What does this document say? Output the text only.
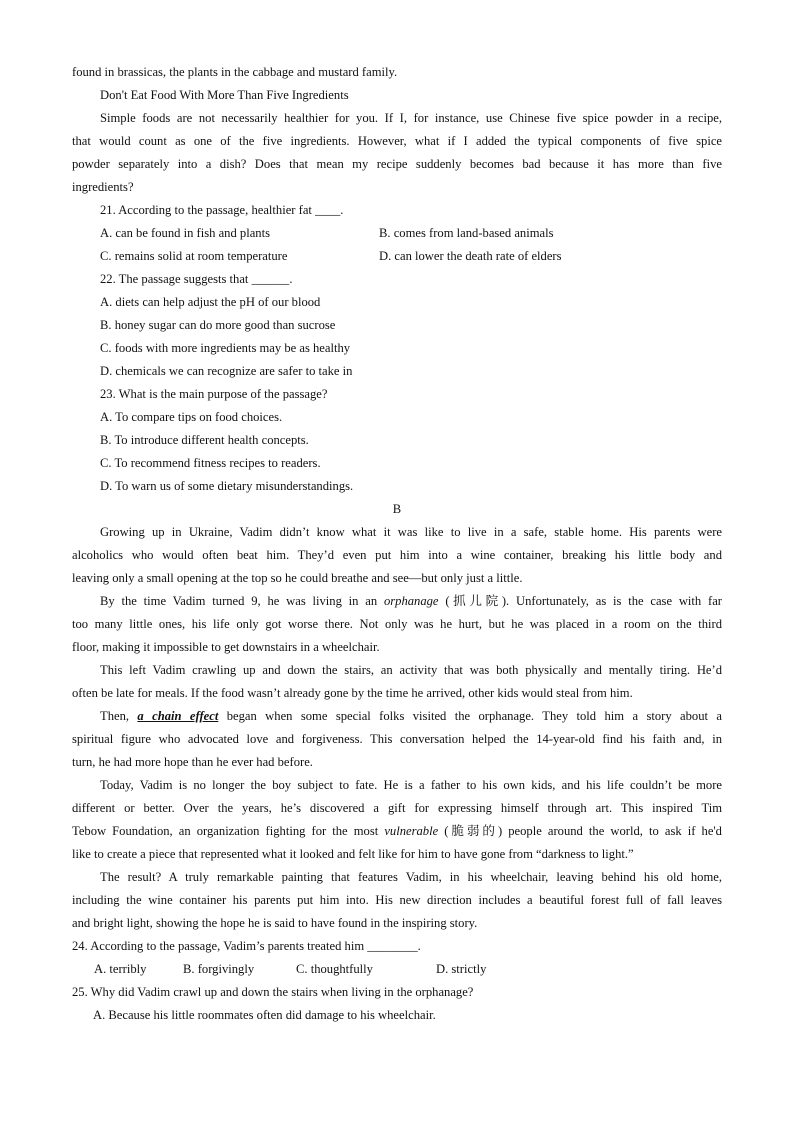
found in brassicas, the plants in the cabbage and mustard family.
Don't Eat Food With More Than Five Ingredients
Simple foods are not necessarily healthier for you. If I, for instance, use Chinese five spice powder in a recipe,
that would count as one of the five ingredients. However, what if I added the typical components of five spice
powder separately into a dish? Does that mean my recipe suddenly becomes bad because it has more than five
ingredients?
21. According to the passage, healthier fat ____.
A. can be found in fish and plants	B. comes from land-based animals
C. remains solid at room temperature	D. can lower the death rate of elders
22. The passage suggests that ______.
A. diets can help adjust the pH of our blood
B. honey sugar can do more good than sucrose
C. foods with more ingredients may be as healthy
D. chemicals we can recognize are safer to take in
23. What is the main purpose of the passage?
A. To compare tips on food choices.
B. To introduce different health concepts.
C. To recommend fitness recipes to readers.
D. To warn us of some dietary misunderstandings.
B
Growing up in Ukraine, Vadim didn’t know what it was like to live in a safe, stable home. His parents were
alcoholics who would often beat him. They’d even put him into a wine container, breaking his little body and
leaving only a small opening at the top so he could breathe and see—but only just a little.
By the time Vadim turned 9, he was living in an orphanage (抓儿院). Unfortunately, as is the case with far
too many little ones, his life only got worse there. Not only was he hurt, but he was placed in a room on the third
floor, making it impossible to get downstairs in a wheelchair.
This left Vadim crawling up and down the stairs, an activity that was both physically and mentally tiring. He’d
often be late for meals. If the food wasn’t already gone by the time he arrived, other kids would steal from him.
Then, a chain effect began when some special folks visited the orphanage. They told him a story about a
spiritual figure who advocated love and forgiveness. This conversation helped the 14-year-old find his faith and, in
turn, he had more hope than he ever had before.
Today, Vadim is no longer the boy subject to fate. He is a father to his own kids, and his life couldn’t be more
different or better. Over the years, he’s discovered a gift for expressing himself through art. This inspired Tim
Tebow Foundation, an organization fighting for the most vulnerable (脆弱的) people around the world, to ask if he'd
like to create a piece that represented what it looked and felt like for him to have gone from “darkness to light.”
The result? A truly remarkable painting that features Vadim, in his wheelchair, leaving behind his old home,
including the wine container his parents put him into. His new direction includes a beautiful forest full of fall leaves
and bright light, showing the hope he is said to have found in the inspiring story.
24. According to the passage, Vadim’s parents treated him ________.
A. terribly	B. forgivingly	C. thoughtfully	D. strictly
25. Why did Vadim crawl up and down the stairs when living in the orphanage?
A. Because his little roommates often did damage to his wheelchair.
